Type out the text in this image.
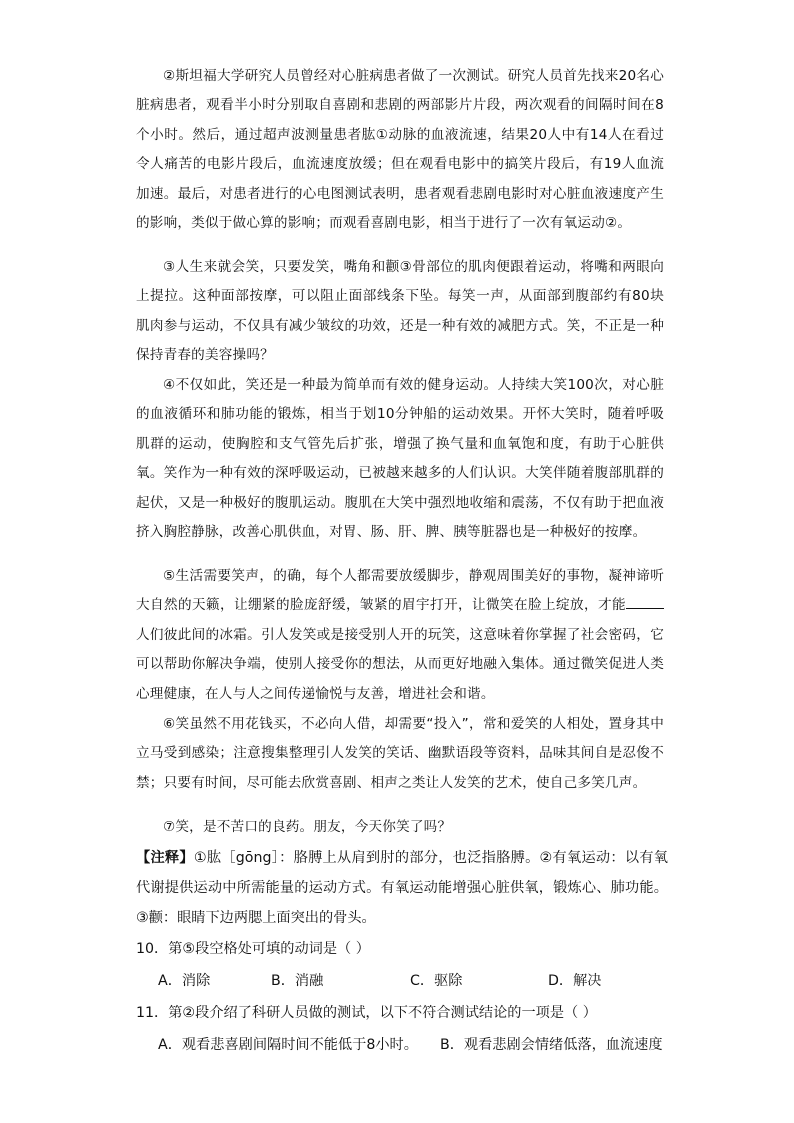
②斯坦福大学研究人员曾经对心脏病患者做了一次测试。研究人员首先找来20名心脏病患者，观看半小时分别取自喜剧和悲剧的两部影片片段，两次观看的间隔时间在8个小时。然后，通过超声波测量患者肱①动脉的血液流速，结果20人中有14人在看过令人痛苦的电影片段后，血流速度放缓；但在观看电影中的搞笑片段后，有19人血流加速。最后，对患者进行的心电图测试表明，患者观看悲剧电影时对心脏血液速度产生的影响，类似于做心算的影响；而观看喜剧电影，相当于进行了一次有氧运动②。

③人生来就会笑，只要发笑，嘴角和颧③骨部位的肌肉便跟着运动，将嘴和两眼向上提拉。这种面部按摩，可以阻止面部线条下坠。每笑一声，从面部到腹部约有80块肌肉参与运动，不仅具有减少皱纹的功效，还是一种有效的减肥方式。笑，不正是一种保持青春的美容操吗？

④不仅如此，笑还是一种最为简单而有效的健身运动。人持续大笑100次，对心脏的血液循环和肺功能的锻炼，相当于划10分钟船的运动效果。开怀大笑时，随着呼吸肌群的运动，使胸腔和支气管先后扩张，增强了换气量和血氧饱和度，有助于心脏供氧。笑作为一种有效的深呼吸运动，已被越来越多的人们认识。大笑伴随着腹部肌群的起伏，又是一种极好的腹肌运动。腹肌在大笑中强烈地收缩和震荡，不仅有助于把血液挤入胸腔静脉，改善心肌供血，对胃、肠、肝、脾、胰等脏器也是一种极好的按摩。

⑤生活需要笑声，的确，每个人都需要放缓脚步，静观周围美好的事物，凝神谛听大自然的天籁，让绷紧的脸庞舒缓，皱紧的眉宇打开，让微笑在脸上绽放，才能人们彼此间的冰霜。引人发笑或是接受别人开的玩笑，这意味着你掌握了社会密码，它可以帮助你解决争端，使别人接受你的想法，从而更好地融入集体。通过微笑促进人类心理健康，在人与人之间传递愉悦与友善，增进社会和谐。

⑥笑虽然不用花钱买，不必向人借，却需要“投入”，常和爱笑的人相处，置身其中立马受到感染；注意搜集整理引人发笑的笑话、幽默语段等资料，品味其间自是忍俊不禁；只要有时间，尽可能去欣赏喜剧、相声之类让人发笑的艺术，使自己多笑几声。

⑦笑，是不苦口的良药。朋友，今天你笑了吗？

【注释】①肱［gōng］：胳膊上从肩到肘的部分，也泛指胳膊。②有氧运动：以有氧代谢提供运动中所需能量的运动方式。有氧运动能增强心脏供氧，锻炼心、肺功能。③颧：眼睛下边两腮上面突出的骨头。

10．第⑤段空格处可填的动词是（ ）

A．消除	B．消融	C．驱除	D．解决

11．第②段介绍了科研人员做的测试，以下不符合测试结论的一项是（ ）

A．观看悲喜剧间隔时间不能低于8小时。 B．观看悲剧会情绪低落，血流速度
